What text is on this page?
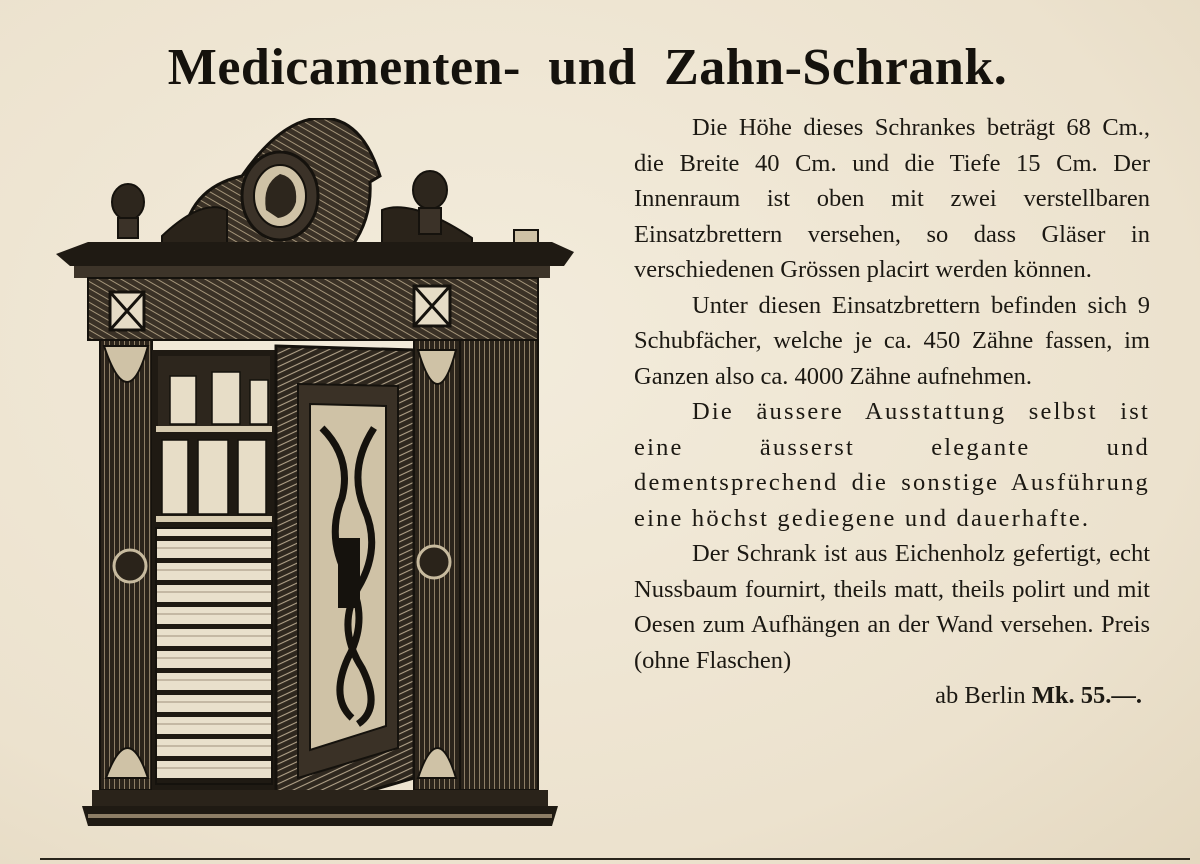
Medicamenten- und Zahn-Schrank.

Die Höhe dieses Schrankes beträgt 68 Cm., die Breite 40 Cm. und die Tiefe 15 Cm. Der Innenraum ist oben mit zwei verstellbaren Einsatzbrettern versehen, so dass Gläser in verschiedenen Grössen placirt werden können.

Unter diesen Einsatzbrettern befinden sich 9 Schubfächer, welche je ca. 450 Zähne fassen, im Ganzen also ca. 4000 Zähne aufnehmen.

Die äussere Ausstattung selbst ist eine äusserst elegante und dementsprechend die sonstige Ausführung eine höchst gediegene und dauerhafte.

Der Schrank ist aus Eichenholz gefertigt, echt Nussbaum fournirt, theils matt, theils polirt und mit Oesen zum Aufhängen an der Wand versehen. Preis (ohne Flaschen)

ab Berlin Mk. 55.—.
